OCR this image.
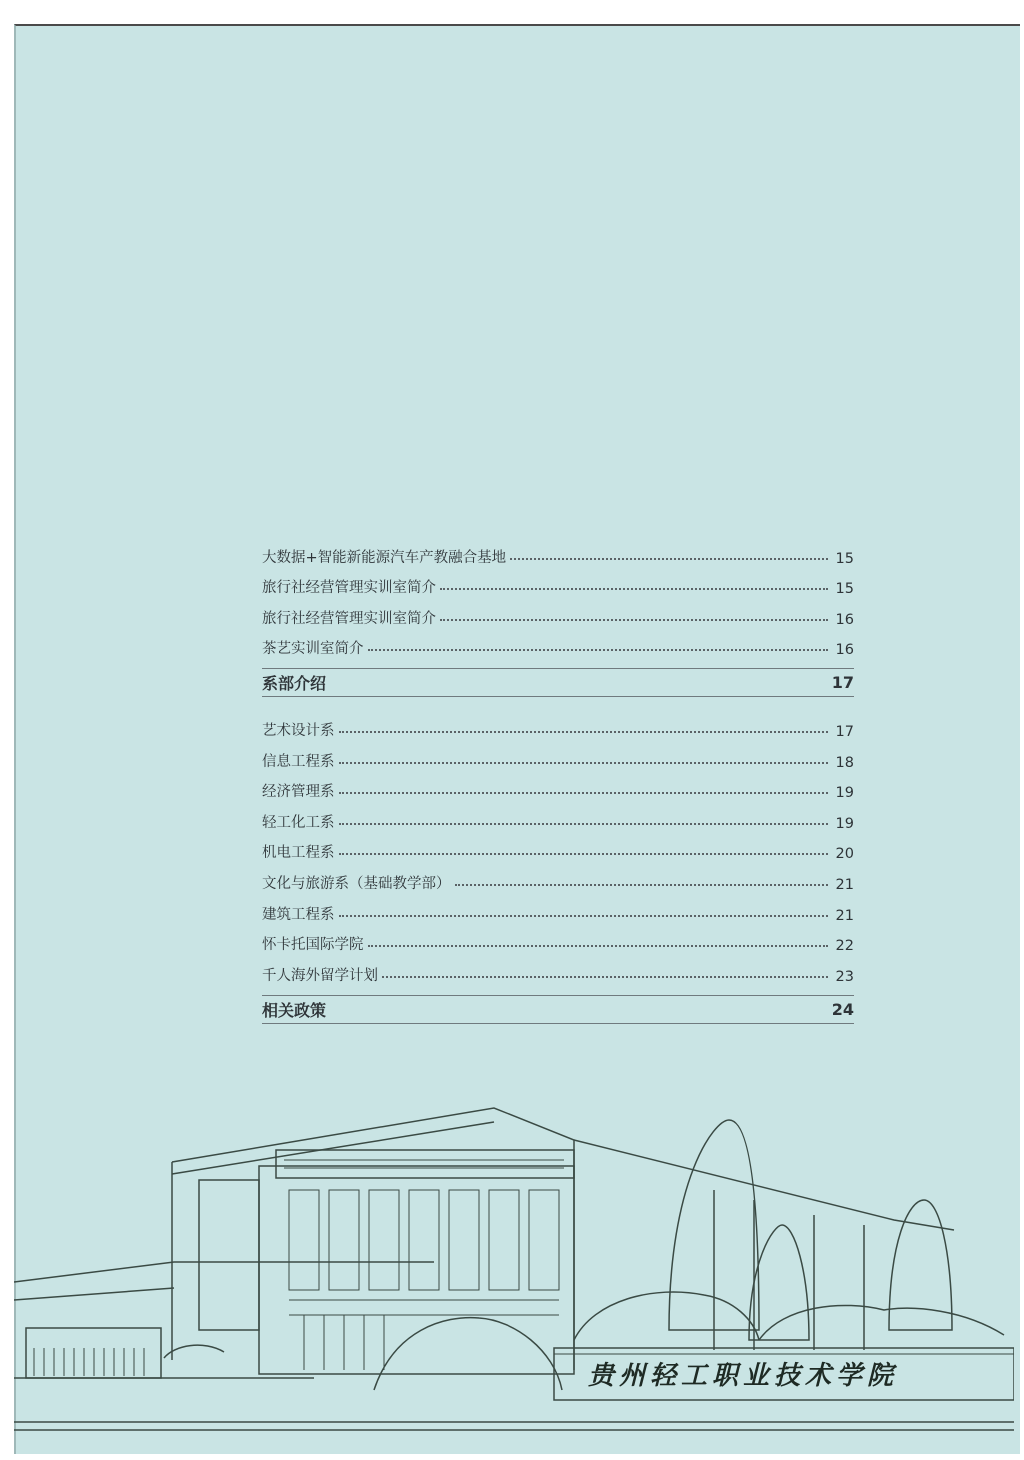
大数据+智能新能源汽车产教融合基地	15
旅行社经营管理实训室简介	15
旅行社经营管理实训室简介	16
茶艺实训室简介	16
系部介绍	17
艺术设计系	17
信息工程系	18
经济管理系	19
轻工化工系	19
机电工程系	20
文化与旅游系（基础教学部）	21
建筑工程系	21
怀卡托国际学院	22
千人海外留学计划	23
相关政策	24
贵州轻工职业技术学院
